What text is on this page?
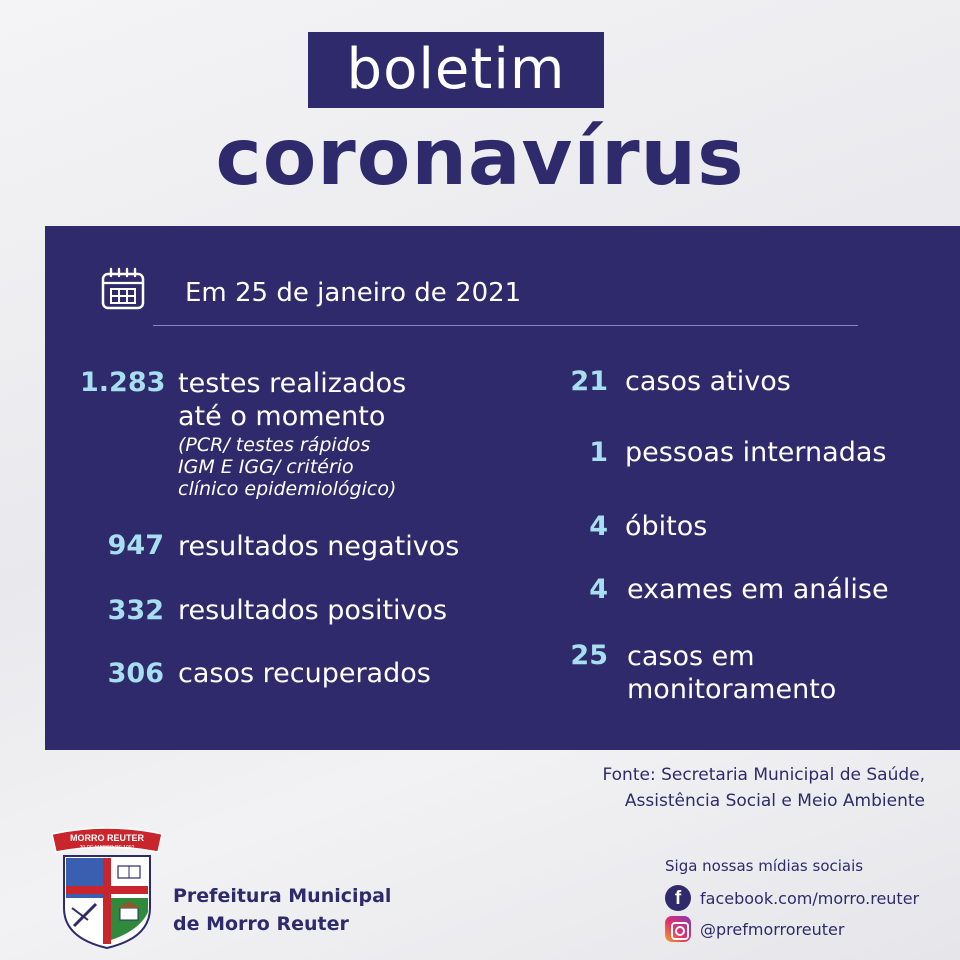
boletim
coronavírus
Em 25 de janeiro de 2021
1.283 testes realizados
até o momento
(PCR/ testes rápidos
IGM E IGG/ critério
clínico epidemiológico)
947 resultados negativos
332 resultados positivos
306 casos recuperados
21 casos ativos
1 pessoas internadas
4 óbitos
4 exames em análise
25 casos em
monitoramento
Fonte: Secretaria Municipal de Saúde,
Assistência Social e Meio Ambiente
MORRO REUTER
20 DE MARÇO DE 1992
Prefeitura Municipal
de Morro Reuter
Siga nossas mídias sociais
f	facebook.com/morro.reuter
@prefmorroreuter
